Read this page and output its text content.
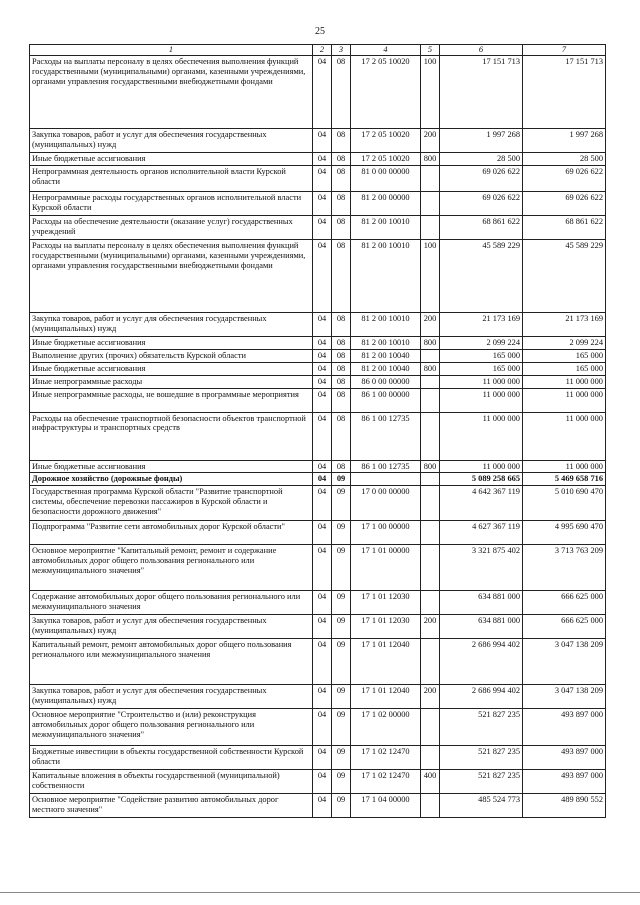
25
1	2	3	4	5	6	7
Расходы на выплаты персоналу в целях обеспечения выполнения функций государственными (муниципальными) органами, казенными учреждениями, органами управления государственными внебюджетными фондами	04	08	17 2 05 10020	100	17 151 713	17 151 713
Закупка товаров, работ и услуг для обеспечения государственных (муниципальных) нужд	04	08	17 2 05 10020	200	1 997 268	1 997 268
Иные бюджетные ассигнования	04	08	17 2 05 10020	800	28 500	28 500
Непрограммная деятельность органов исполнительной власти Курской области	04	08	81 0 00 00000		69 026 622	69 026 622
Непрограммные расходы государственных органов исполнительной власти Курской области	04	08	81 2 00 00000		69 026 622	69 026 622
Расходы на обеспечение деятельности (оказание услуг) государственных учреждений	04	08	81 2 00 10010		68 861 622	68 861 622
Расходы на выплаты персоналу в целях обеспечения выполнения функций государственными (муниципальными) органами, казенными учреждениями, органами управления государственными внебюджетными фондами	04	08	81 2 00 10010	100	45 589 229	45 589 229
Закупка товаров, работ и услуг для обеспечения государственных (муниципальных) нужд	04	08	81 2 00 10010	200	21 173 169	21 173 169
Иные бюджетные ассигнования	04	08	81 2 00 10010	800	2 099 224	2 099 224
Выполнение других (прочих) обязательств Курской области	04	08	81 2 00 10040		165 000	165 000
Иные бюджетные ассигнования	04	08	81 2 00 10040	800	165 000	165 000
Иные непрограммные расходы	04	08	86 0 00 00000		11 000 000	11 000 000
Иные непрограммные расходы, не вошедшие в программные мероприятия	04	08	86 1 00 00000		11 000 000	11 000 000
Расходы на обеспечение транспортной безопасности объектов транспортной инфраструктуры и транспортных средств	04	08	86 1 00 12735		11 000 000	11 000 000
Иные бюджетные ассигнования	04	08	86 1 00 12735	800	11 000 000	11 000 000
Дорожное хозяйство (дорожные фонды)	04	09			5 089 258 665	5 469 658 716
Государственная программа Курской области "Развитие транспортной системы, обеспечение перевозки пассажиров в Курской области и безопасности дорожного движения"	04	09	17 0 00 00000		4 642 367 119	5 010 690 470
Подпрограмма "Развитие сети автомобильных дорог Курской области"	04	09	17 1 00 00000		4 627 367 119	4 995 690 470
Основное мероприятие "Капитальный ремонт, ремонт и содержание автомобильных дорог общего пользования регионального или межмуниципального значения"	04	09	17 1 01 00000		3 321 875 402	3 713 763 209
Содержание автомобильных дорог общего пользования регионального или межмуниципального значения	04	09	17 1 01 12030		634 881 000	666 625 000
Закупка товаров, работ и услуг для обеспечения государственных (муниципальных) нужд	04	09	17 1 01 12030	200	634 881 000	666 625 000
Капитальный ремонт, ремонт автомобильных дорог общего пользования регионального или межмуниципального значения	04	09	17 1 01 12040		2 686 994 402	3 047 138 209
Закупка товаров, работ и услуг для обеспечения государственных (муниципальных) нужд	04	09	17 1 01 12040	200	2 686 994 402	3 047 138 209
Основное мероприятие "Строительство и (или) реконструкция автомобильных дорог общего пользования регионального или межмуниципального значения"	04	09	17 1 02 00000		521 827 235	493 897 000
Бюджетные инвестиции в объекты государственной собственности Курской области	04	09	17 1 02 12470		521 827 235	493 897 000
Капитальные вложения в объекты государственной (муниципальной) собственности	04	09	17 1 02 12470	400	521 827 235	493 897 000
Основное мероприятие "Содействие развитию автомобильных дорог местного значения"	04	09	17 1 04 00000		485 524 773	489 890 552
